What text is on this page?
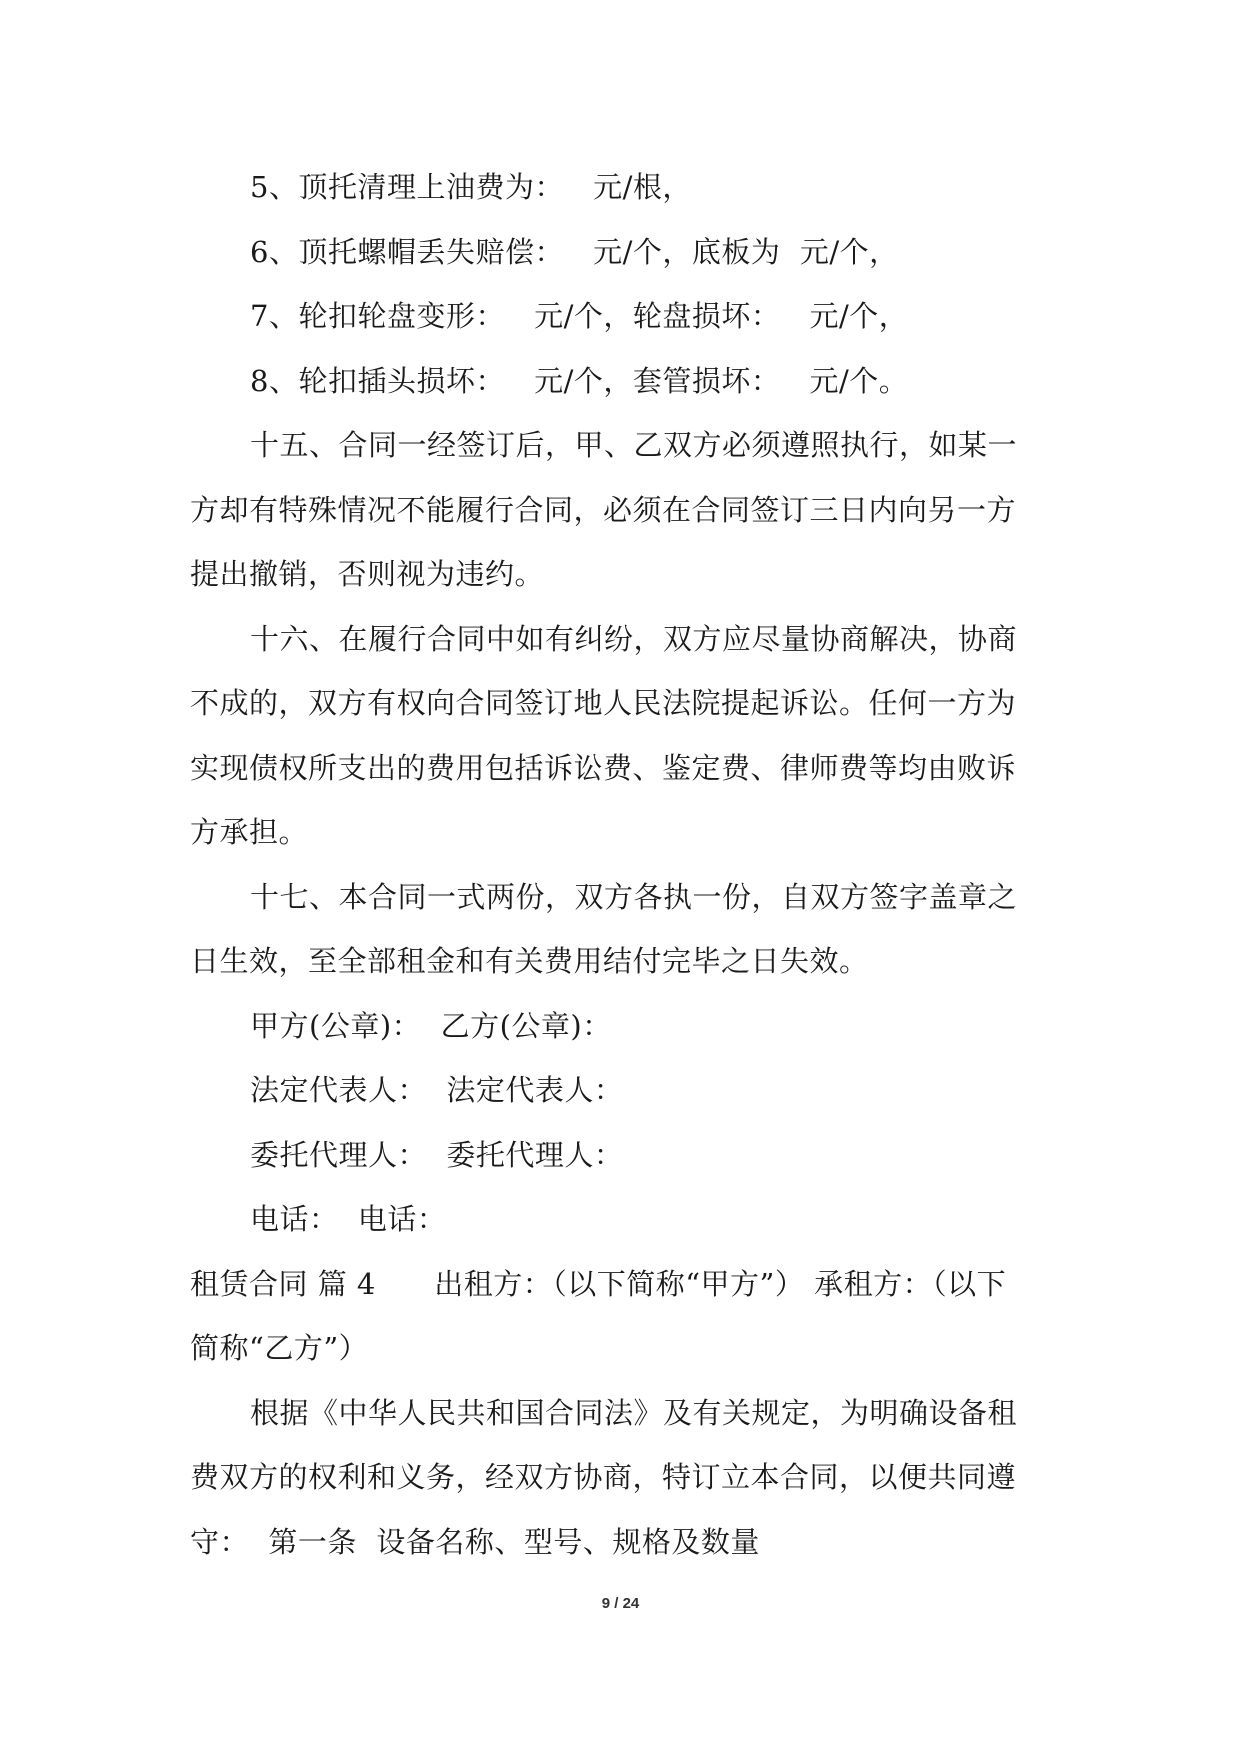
5、顶托清理上油费为：   元/根，
6、顶托螺帽丢失赔偿：   元/个，底板为  元/个，
7、轮扣轮盘变形：   元/个，轮盘损坏：   元/个，
8、轮扣插头损坏：   元/个，套管损坏：   元/个。
十五、合同一经签订后，甲、乙双方必须遵照执行，如某一
方却有特殊情况不能履行合同，必须在合同签订三日内向另一方
提出撤销，否则视为违约。
十六、在履行合同中如有纠纷，双方应尽量协商解决，协商
不成的，双方有权向合同签订地人民法院提起诉讼。任何一方为
实现债权所支出的费用包括诉讼费、鉴定费、律师费等均由败诉
方承担。
十七、本合同一式两份，双方各执一份，自双方签字盖章之
日生效，至全部租金和有关费用结付完毕之日失效。
甲方(公章)：  乙方(公章)：
法定代表人：  法定代表人：
委托代理人：  委托代理人：
电话：  电话：
租赁合同 篇 4      出租方：（以下简称“甲方”） 承租方：（以下
简称“乙方”）
根据《中华人民共和国合同法》及有关规定，为明确设备租
费双方的权利和义务，经双方协商，特订立本合同，以便共同遵
守：  第一条  设备名称、型号、规格及数量
9 / 24
